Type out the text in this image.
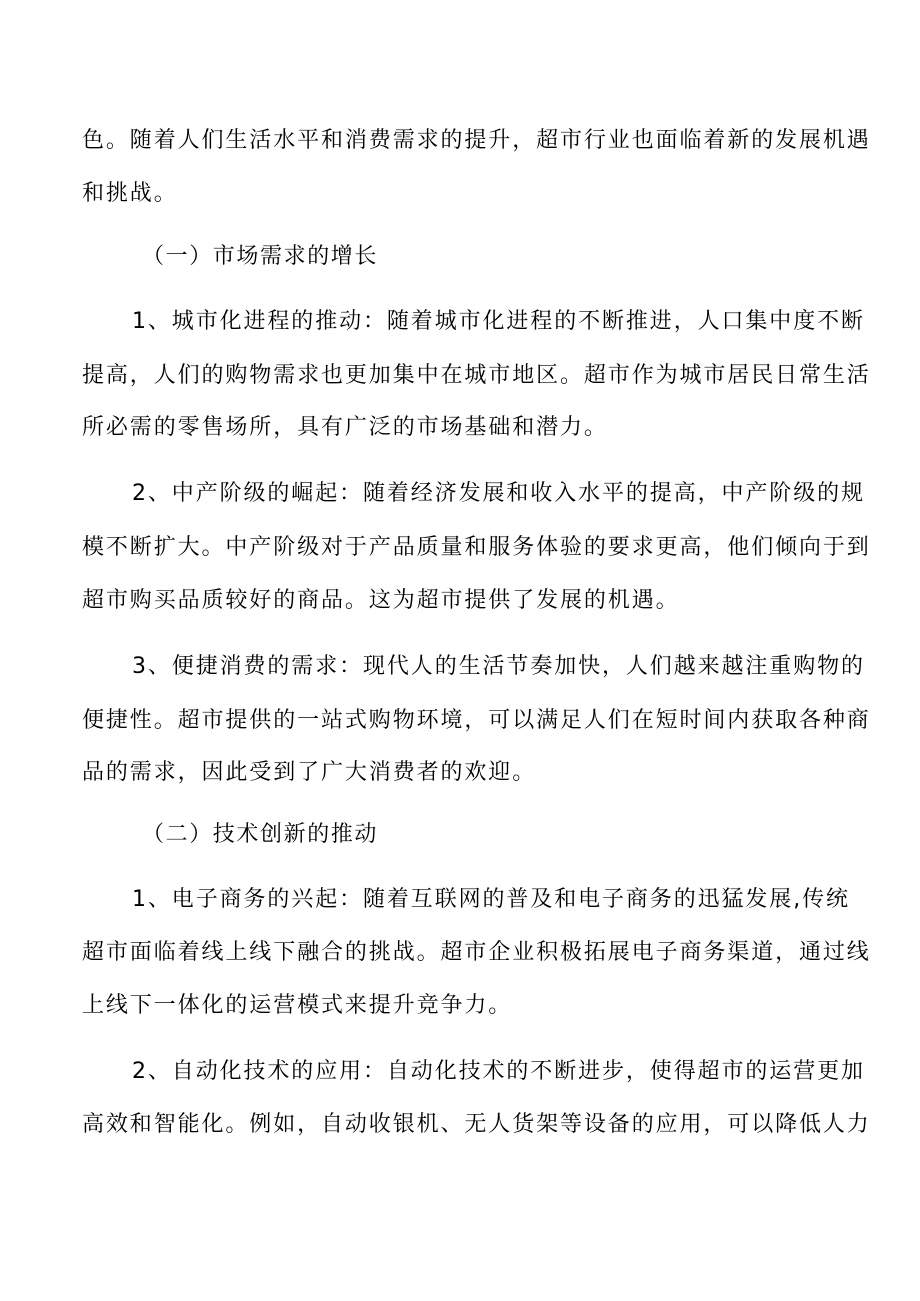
色。随着人们生活水平和消费需求的提升，超市行业也面临着新的发展机遇
和挑战。
（一）市场需求的增长
1、城市化进程的推动：随着城市化进程的不断推进，人口集中度不断
提高，人们的购物需求也更加集中在城市地区。超市作为城市居民日常生活
所必需的零售场所，具有广泛的市场基础和潜力。
2、中产阶级的崛起：随着经济发展和收入水平的提高，中产阶级的规
模不断扩大。中产阶级对于产品质量和服务体验的要求更高，他们倾向于到
超市购买品质较好的商品。这为超市提供了发展的机遇。
3、便捷消费的需求：现代人的生活节奏加快，人们越来越注重购物的
便捷性。超市提供的一站式购物环境，可以满足人们在短时间内获取各种商
品的需求，因此受到了广大消费者的欢迎。
（二）技术创新的推动
1、电子商务的兴起：随着互联网的普及和电子商务的迅猛发展,传统
超市面临着线上线下融合的挑战。超市企业积极拓展电子商务渠道，通过线
上线下一体化的运营模式来提升竞争力。
2、自动化技术的应用：自动化技术的不断进步，使得超市的运营更加
高效和智能化。例如，自动收银机、无人货架等设备的应用，可以降低人力
